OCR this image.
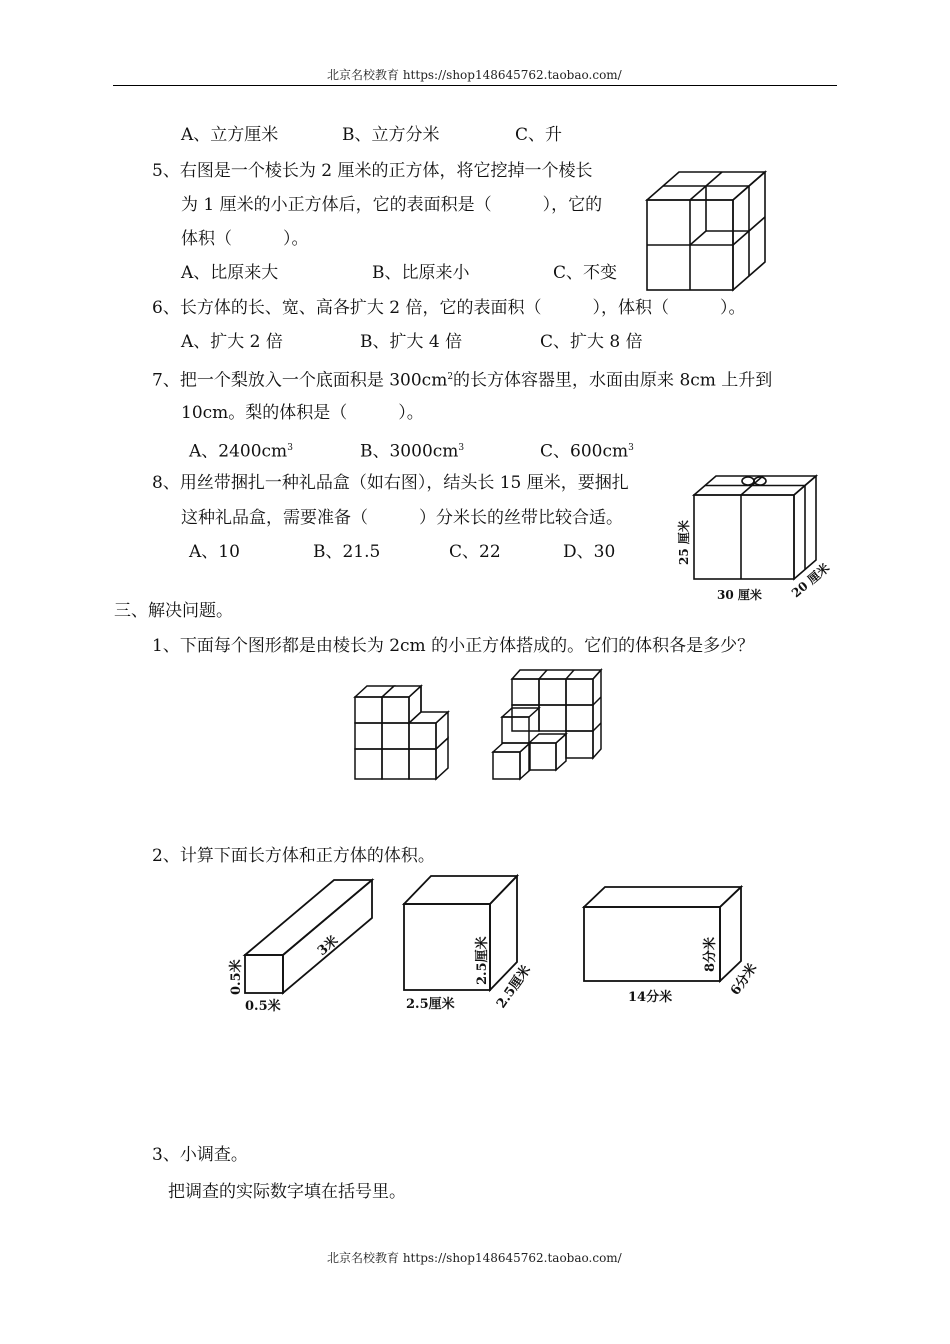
北京名校教育 https://shop148645762.taobao.com/
A、立方厘米	B、立方分米	C、升
5、右图是一个棱长为 2 厘米的正方体，将它挖掉一个棱长
为 1 厘米的小正方体后，它的表面积是（　　　），它的
体积（　　　）。
A、比原来大	B、比原来小	C、不变
6、长方体的长、宽、高各扩大 2 倍，它的表面积（　　　），体积（　　　）。
A、扩大 2 倍	B、扩大 4 倍	C、扩大 8 倍
7、把一个梨放入一个底面积是 $300cm^2$的长方体容器里，水面由原来 8cm 上升到
10cm。梨的体积是（　　　）。
A、$2400cm^3$	B、$3000cm^3$	C、$600cm^3$
8、用丝带捆扎一种礼品盒（如右图），结头长 15 厘米，要捆扎
这种礼品盒，需要准备（　　　）分米长的丝带比较合适。
A、10	B、21.5	C、22	D、30	25 厘米
30 厘米 20 厘米
三、解决问题。
1、下面每个图形都是由棱长为 2cm 的小正方体搭成的。它们的体积各是多少？
2、计算下面长方体和正方体的体积。
3米
0.5米
0.5米
2.5厘米
2.5厘米	2.5厘米
8分米
14分米	6分米
3、小调查。
把调查的实际数字填在括号里。
北京名校教育 https://shop148645762.taobao.com/
